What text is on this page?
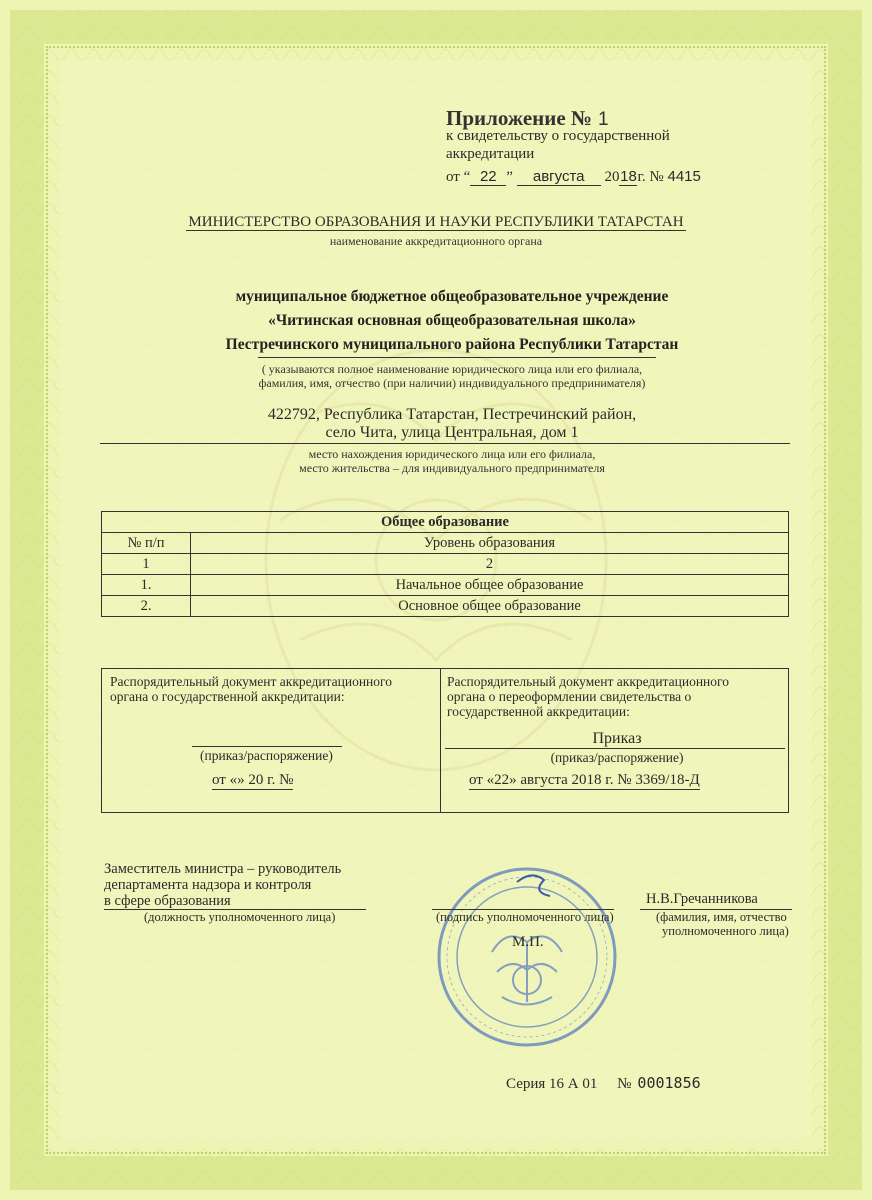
Приложение № 1
к свидетельству о государственной
аккредитации
от “ 22 ” августа 2018г. № 4415
МИНИСТЕРСТВО ОБРАЗОВАНИЯ И НАУКИ РЕСПУБЛИКИ ТАТАРСТАН
наименование аккредитационного органа
муниципальное бюджетное общеобразовательное учреждение
«Читинская основная общеобразовательная школа»
Пестречинского муниципального района Республики Татарстан
( указываются полное наименование юридического лица или его филиала,
фамилия, имя, отчество (при наличии) индивидуального предпринимателя)
422792, Республика Татарстан, Пестречинский район,
село Чита, улица Центральная, дом 1
место нахождения юридического лица или его филиала,
место жительства – для индивидуального предпринимателя
Общее образование	
№ п/п	Уровень образования
1	2
1.	Начальное общее образование
2.	Основное общее образование
Распорядительный документ аккредитационного
органа о государственной аккредитации:
(приказ/распоряжение)
от «» 20 г. №
Распорядительный документ аккредитационного
органа о переоформлении свидетельства о
государственной аккредитации:
Приказ
(приказ/распоряжение)
от «22» августа 2018 г. № 3369/18-Д
Заместитель министра – руководитель
департамента надзора и контроля
в сфере образования
(должность уполномоченного лица)	(подпись уполномоченного лица)
М.П.
Н.В.Гречанникова
(фамилия, имя, отчество
уполномоченного лица)
Серия 16 А 01 № 0001856
